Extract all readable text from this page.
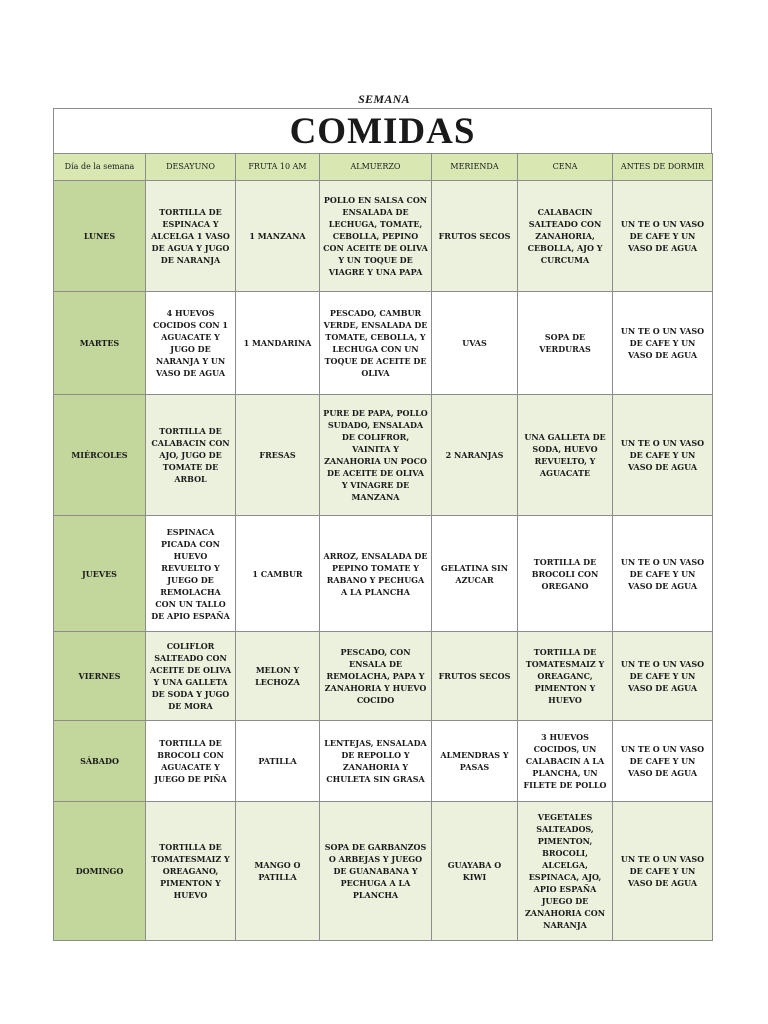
SEMANA
COMIDAS
Día de la semana	DESAYUNO	FRUTA 10 AM	ALMUERZO	MERIENDA	CENA	ANTES DE DORMIR
LUNES	TORTILLA DE ESPINACA Y ALCELGA 1 VASO DE AGUA Y JUGO DE NARANJA	1 MANZANA	POLLO EN SALSA CON ENSALADA DE LECHUGA, TOMATE, CEBOLLA, PEPINO CON ACEITE DE OLIVA Y UN TOQUE DE VIAGRE Y UNA PAPA	FRUTOS SECOS	CALABACIN SALTEADO CON ZANAHORIA, CEBOLLA, AJO Y CURCUMA	UN TE O UN VASO DE CAFE Y UN VASO DE AGUA
MARTES	4 HUEVOS COCIDOS CON 1 AGUACATE Y JUGO DE NARANJA Y UN VASO DE AGUA	1 MANDARINA	PESCADO, CAMBUR VERDE, ENSALADA DE TOMATE, CEBOLLA, Y LECHUGA CON UN TOQUE DE ACEITE DE OLIVA	UVAS	SOPA DE VERDURAS	UN TE O UN VASO DE CAFE Y UN VASO DE AGUA
MIÉRCOLES	TORTILLA DE CALABACIN CON AJO, JUGO DE TOMATE DE ARBOL	FRESAS	PURE DE PAPA, POLLO SUDADO, ENSALADA DE COLIFROR, VAINITA Y ZANAHORIA UN POCO DE ACEITE DE OLIVA Y VINAGRE DE MANZANA	2 NARANJAS	UNA GALLETA DE SODA, HUEVO REVUELTO, Y AGUACATE	UN TE O UN VASO DE CAFE Y UN VASO DE AGUA
JUEVES	ESPINACA PICADA CON HUEVO REVUELTO Y JUEGO DE REMOLACHA CON UN TALLO DE APIO ESPAÑA	1 CAMBUR	ARROZ, ENSALADA DE PEPINO TOMATE Y RABANO Y PECHUGA A LA PLANCHA	GELATINA SIN AZUCAR	TORTILLA DE BROCOLI CON OREGANO	UN TE O UN VASO DE CAFE Y UN VASO DE AGUA
VIERNES	COLIFLOR SALTEADO CON ACEITE DE OLIVA Y UNA GALLETA DE SODA Y JUGO DE MORA	MELON Y LECHOZA	PESCADO, CON ENSALA DE REMOLACHA, PAPA Y ZANAHORIA Y HUEVO COCIDO	FRUTOS SECOS	TORTILLA DE TOMATESMAIZ Y OREAGANC, PIMENTON Y HUEVO	UN TE O UN VASO DE CAFE Y UN VASO DE AGUA
SÁBADO	TORTILLA DE BROCOLI CON AGUACATE Y JUEGO DE PIÑA	PATILLA	LENTEJAS, ENSALADA DE REPOLLO Y ZANAHORIA Y CHULETA SIN GRASA	ALMENDRAS Y PASAS	3 HUEVOS COCIDOS, UN CALABACIN A LA PLANCHA, UN FILETE DE POLLO	UN TE O UN VASO DE CAFE Y UN VASO DE AGUA
DOMINGO	TORTILLA DE TOMATESMAIZ Y OREAGANO, PIMENTON Y HUEVO	MANGO O PATILLA	SOPA DE GARBANZOS O ARBEJAS Y JUEGO DE GUANABANA Y PECHUGA A LA PLANCHA	GUAYABA O KIWI	VEGETALES SALTEADOS, PIMENTON, BROCOLI, ALCELGA, ESPINACA, AJO, APIO ESPAÑA JUEGO DE ZANAHORIA CON NARANJA	UN TE O UN VASO DE CAFE Y UN VASO DE AGUA
